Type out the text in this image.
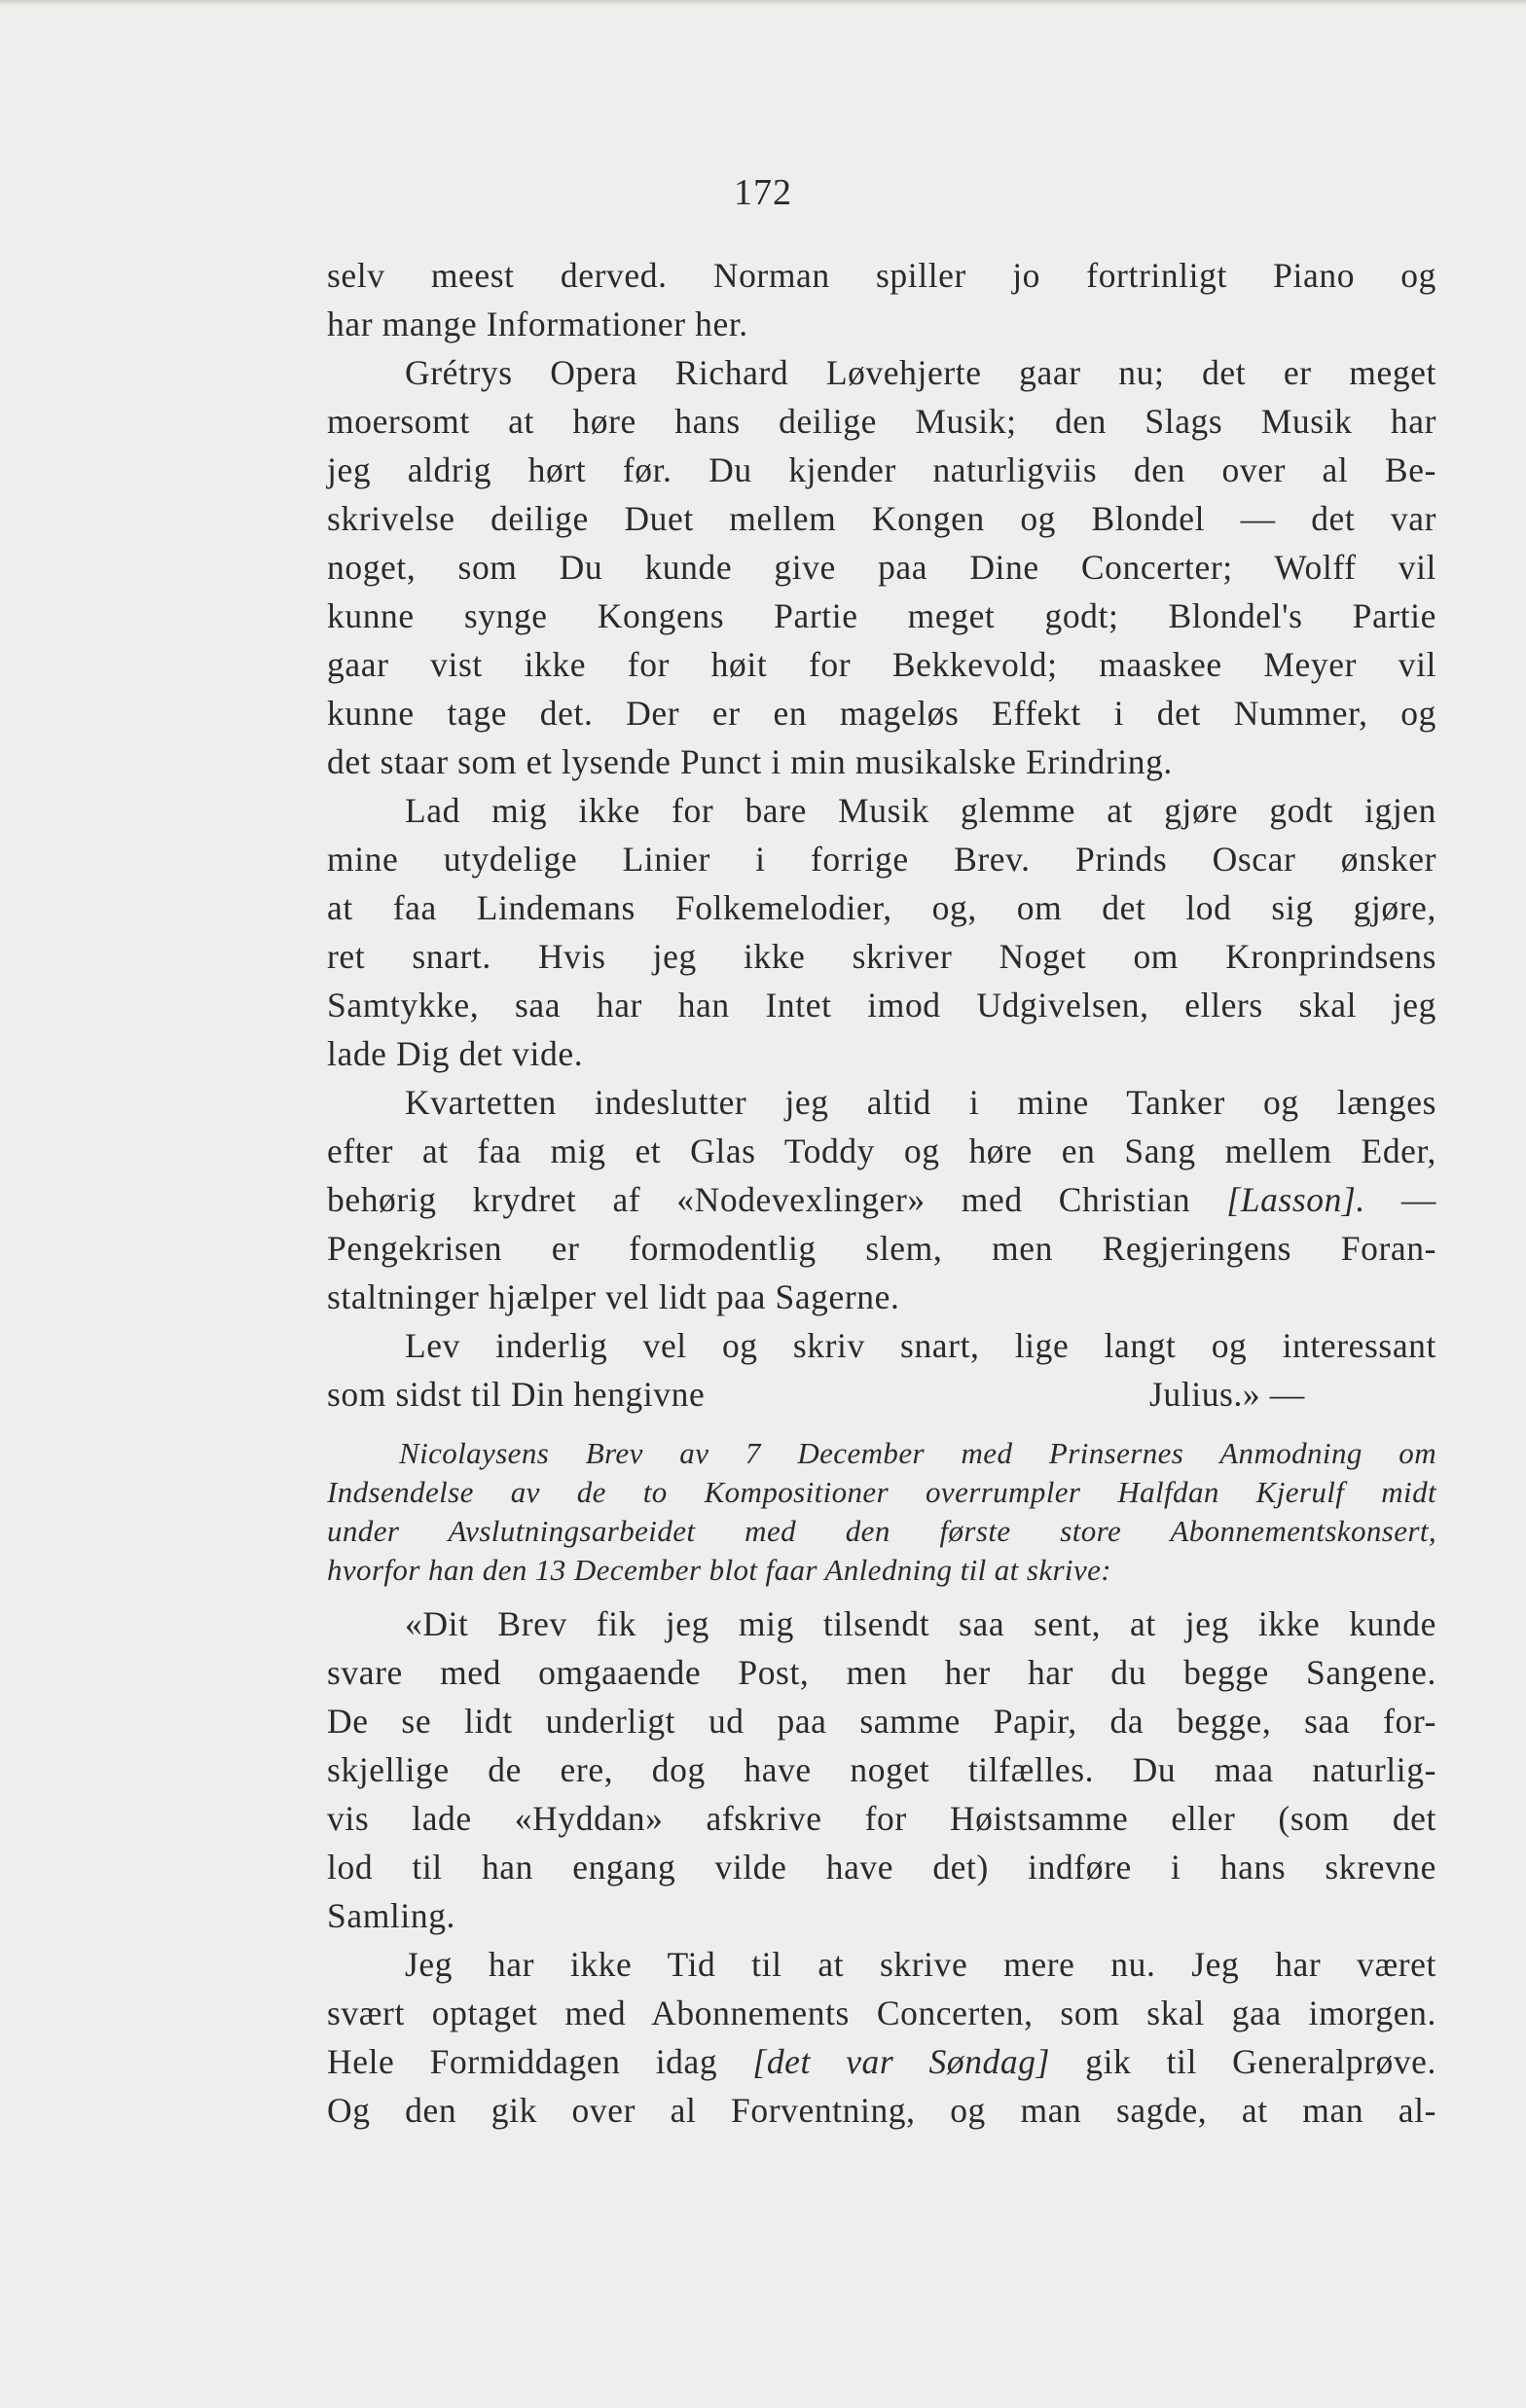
172
selv meest derved. Norman spiller jo fortrinligt Piano og
har mange Informationer her.
Grétrys Opera Richard Løvehjerte gaar nu; det er meget
moersomt at høre hans deilige Musik; den Slags Musik har
jeg aldrig hørt før. Du kjender naturligviis den over al Be-
skrivelse deilige Duet mellem Kongen og Blondel — det var
noget, som Du kunde give paa Dine Concerter; Wolff vil
kunne synge Kongens Partie meget godt; Blondel's Partie
gaar vist ikke for høit for Bekkevold; maaskee Meyer vil
kunne tage det. Der er en mageløs Effekt i det Nummer, og
det staar som et lysende Punct i min musikalske Erindring.
Lad mig ikke for bare Musik glemme at gjøre godt igjen
mine utydelige Linier i forrige Brev. Prinds Oscar ønsker
at faa Lindemans Folkemelodier, og, om det lod sig gjøre,
ret snart. Hvis jeg ikke skriver Noget om Kronprindsens
Samtykke, saa har han Intet imod Udgivelsen, ellers skal jeg
lade Dig det vide.
Kvartetten indeslutter jeg altid i mine Tanker og længes
efter at faa mig et Glas Toddy og høre en Sang mellem Eder,
behørig krydret af «Nodevexlinger» med Christian [Lasson]. —
Pengekrisen er formodentlig slem, men Regjeringens Foran-
staltninger hjælper vel lidt paa Sagerne.
Lev inderlig vel og skriv snart, lige langt og interessant
som sidst til Din hengivne	Julius.» —
Nicolaysens Brev av 7 December med Prinsernes Anmodning om
Indsendelse av de to Kompositioner overrumpler Halfdan Kjerulf midt
under Avslutningsarbeidet med den første store Abonnementskonsert,
hvorfor han den 13 December blot faar Anledning til at skrive:
«Dit Brev fik jeg mig tilsendt saa sent, at jeg ikke kunde
svare med omgaaende Post, men her har du begge Sangene.
De se lidt underligt ud paa samme Papir, da begge, saa for-
skjellige de ere, dog have noget tilfælles. Du maa naturlig-
vis lade «Hyddan» afskrive for Høistsamme eller (som det
lod til han engang vilde have det) indføre i hans skrevne
Samling.
Jeg har ikke Tid til at skrive mere nu. Jeg har været
svært optaget med Abonnements Concerten, som skal gaa imorgen.
Hele Formiddagen idag [det var Søndag] gik til Generalprøve.
Og den gik over al Forventning, og man sagde, at man al-
